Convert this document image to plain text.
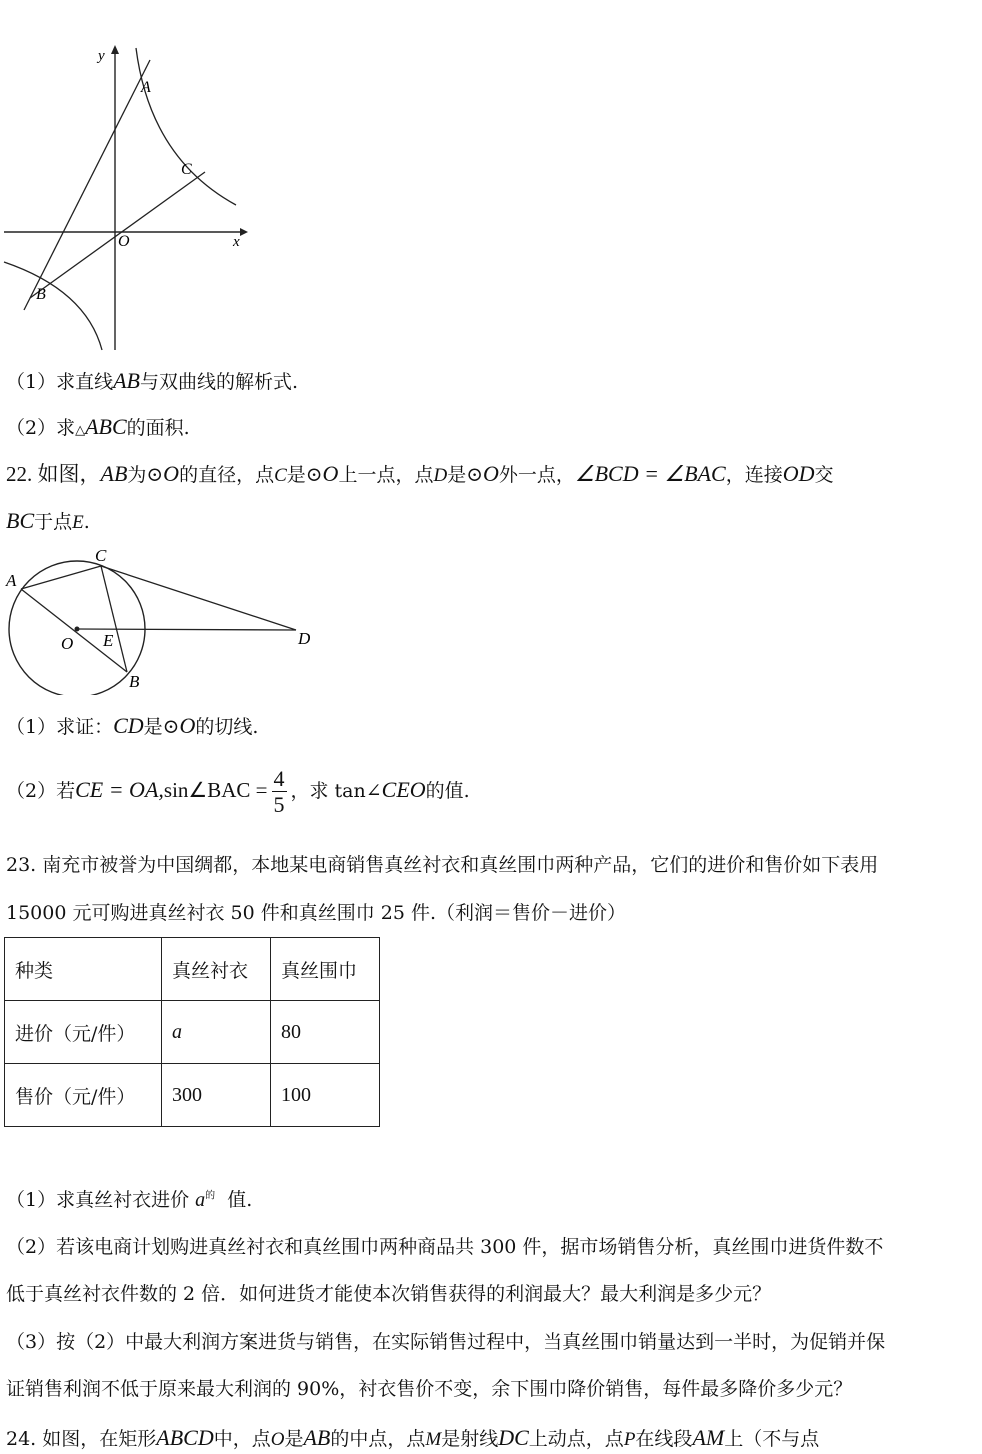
y
x
O
A
C
B
（1）求直线AB与双曲线的解析式.
（2）求△ABC的面积.
22. 如图，AB为⊙O的直径，点C是⊙O上一点，点D是⊙O外一点，∠BCD = ∠BAC，连接OD交
BC于点E.
A
C
O E
B
D
（1）求证：CD是⊙O的切线.
（2）若CE = OA,sin∠BAC = $\frac{4}{5}$ ，求 tan∠CEO的值.
23. 南充市被誉为中国绸都，本地某电商销售真丝衬衣和真丝围巾两种产品，它们的进价和售价如下表用
15000 元可购进真丝衬衣 50 件和真丝围巾 25 件.（利润＝售价－进价）
种类	真丝衬衣	真丝围巾
进价（元/件）	a	80
售价（元/件）	300	100
（1）求真丝衬衣进价 $a^的$ 值.
（2）若该电商计划购进真丝衬衣和真丝围巾两种商品共 300 件，据市场销售分析，真丝围巾进货件数不
低于真丝衬衣件数的 2 倍．如何进货才能使本次销售获得的利润最大？最大利润是多少元？
（3）按（2）中最大利润方案进货与销售，在实际销售过程中，当真丝围巾销量达到一半时，为促销并保
证销售利润不低于原来最大利润的 90%，衬衣售价不变，余下围巾降价销售，每件最多降价多少元？
24. 如图，在矩形ABCD中，点O是AB的中点，点M是射线DC上动点，点P在线段AM上（不与点
